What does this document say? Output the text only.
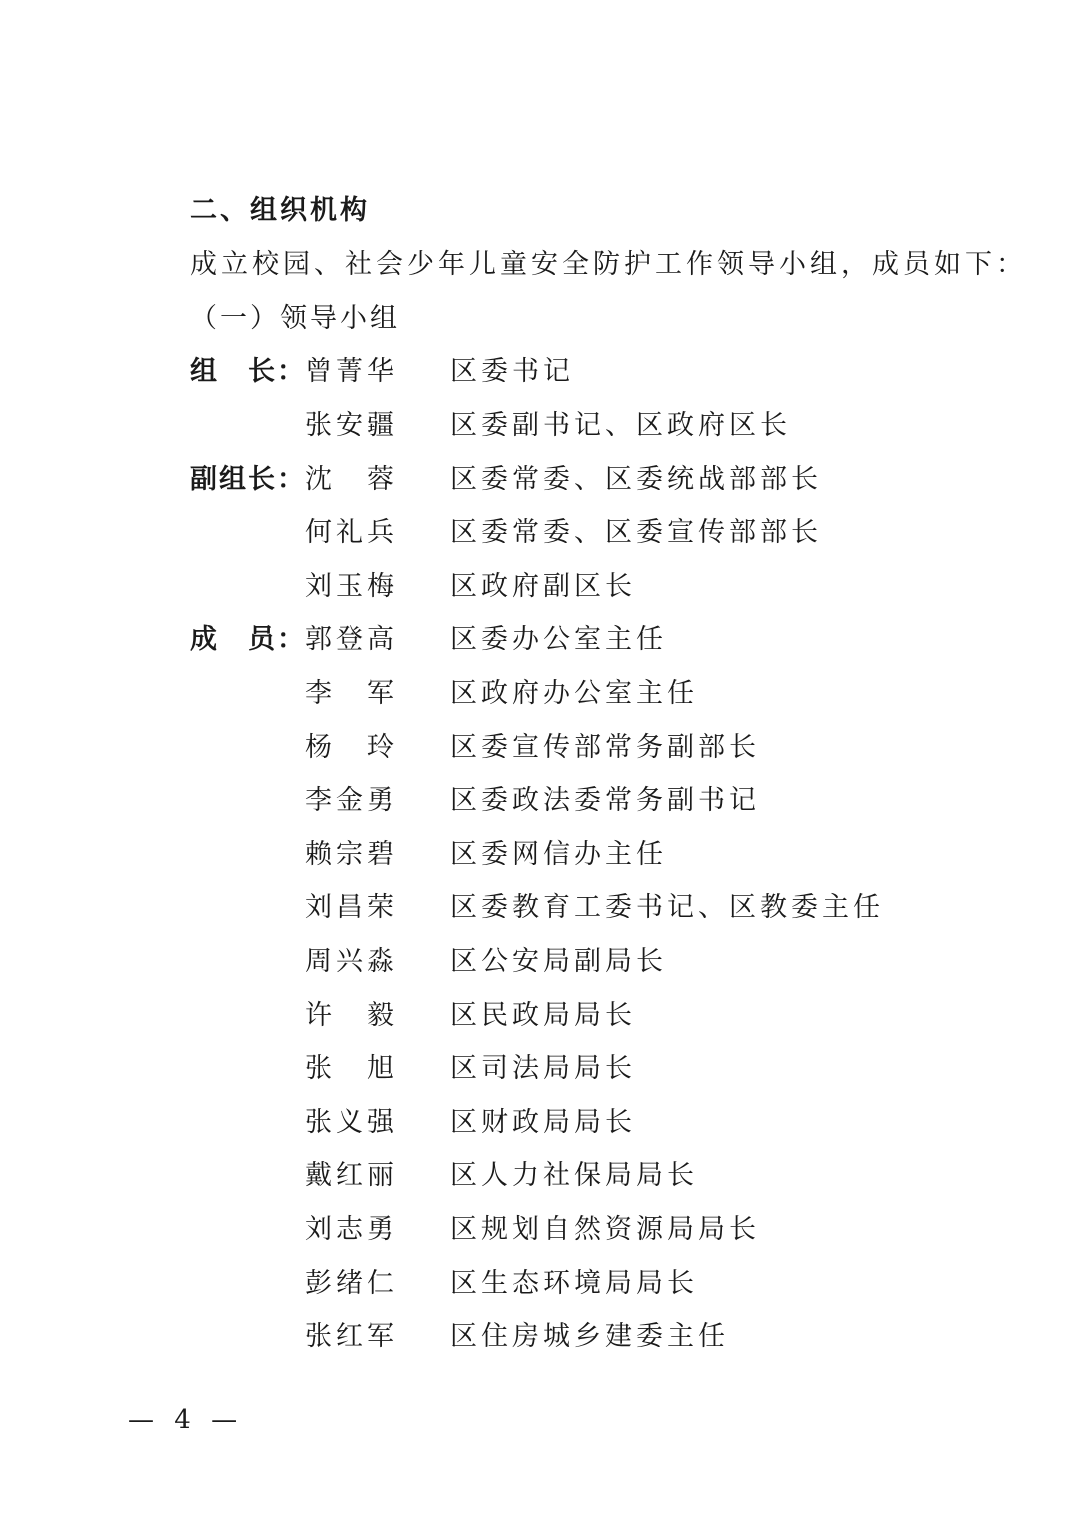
二、组织机构
成立校园、社会少年儿童安全防护工作领导小组，成员如下：
（一）领导小组
组　长： 曾菁华	区委书记
张安疆	区委副书记、区政府区长
副组长： 沈　蓉	区委常委、区委统战部部长
何礼兵	区委常委、区委宣传部部长
刘玉梅	区政府副区长
成　员： 郭登高	区委办公室主任
李　军	区政府办公室主任
杨　玲	区委宣传部常务副部长
李金勇	区委政法委常务副书记
赖宗碧	区委网信办主任
刘昌荣	区委教育工委书记、区教委主任
周兴淼	区公安局副局长
许　毅	区民政局局长
张　旭	区司法局局长
张义强	区财政局局长
戴红丽	区人力社保局局长
刘志勇	区规划自然资源局局长
彭绪仁	区生态环境局局长
张红军	区住房城乡建委主任
— 4 —
